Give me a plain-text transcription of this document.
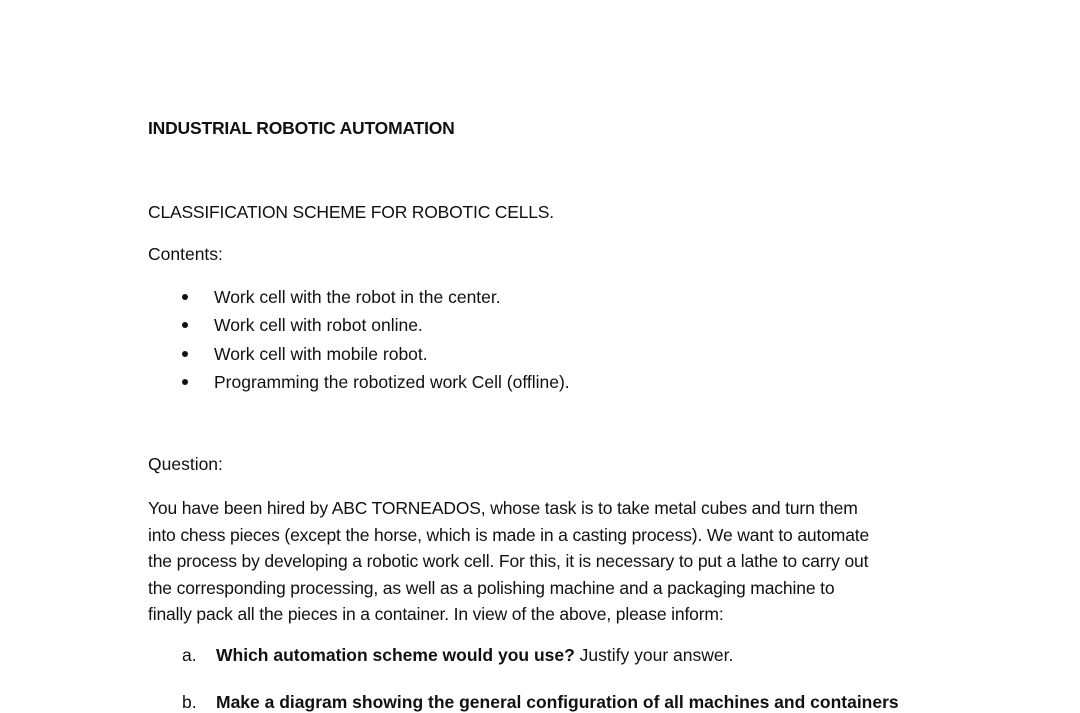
INDUSTRIAL ROBOTIC AUTOMATION
CLASSIFICATION SCHEME FOR ROBOTIC CELLS.
Contents:
Work cell with the robot in the center.
Work cell with robot online.
Work cell with mobile robot.
Programming the robotized work Cell (offline).
Question:
You have been hired by ABC TORNEADOS, whose task is to take metal cubes and turn them
into chess pieces (except the horse, which is made in a casting process). We want to automate
the process by developing a robotic work cell. For this, it is necessary to put a lathe to carry out
the corresponding processing, as well as a polishing machine and a packaging machine to
finally pack all the pieces in a container. In view of the above, please inform:
a. Which automation scheme would you use? Justify your answer.
b. Make a diagram showing the general configuration of all machines and containers
